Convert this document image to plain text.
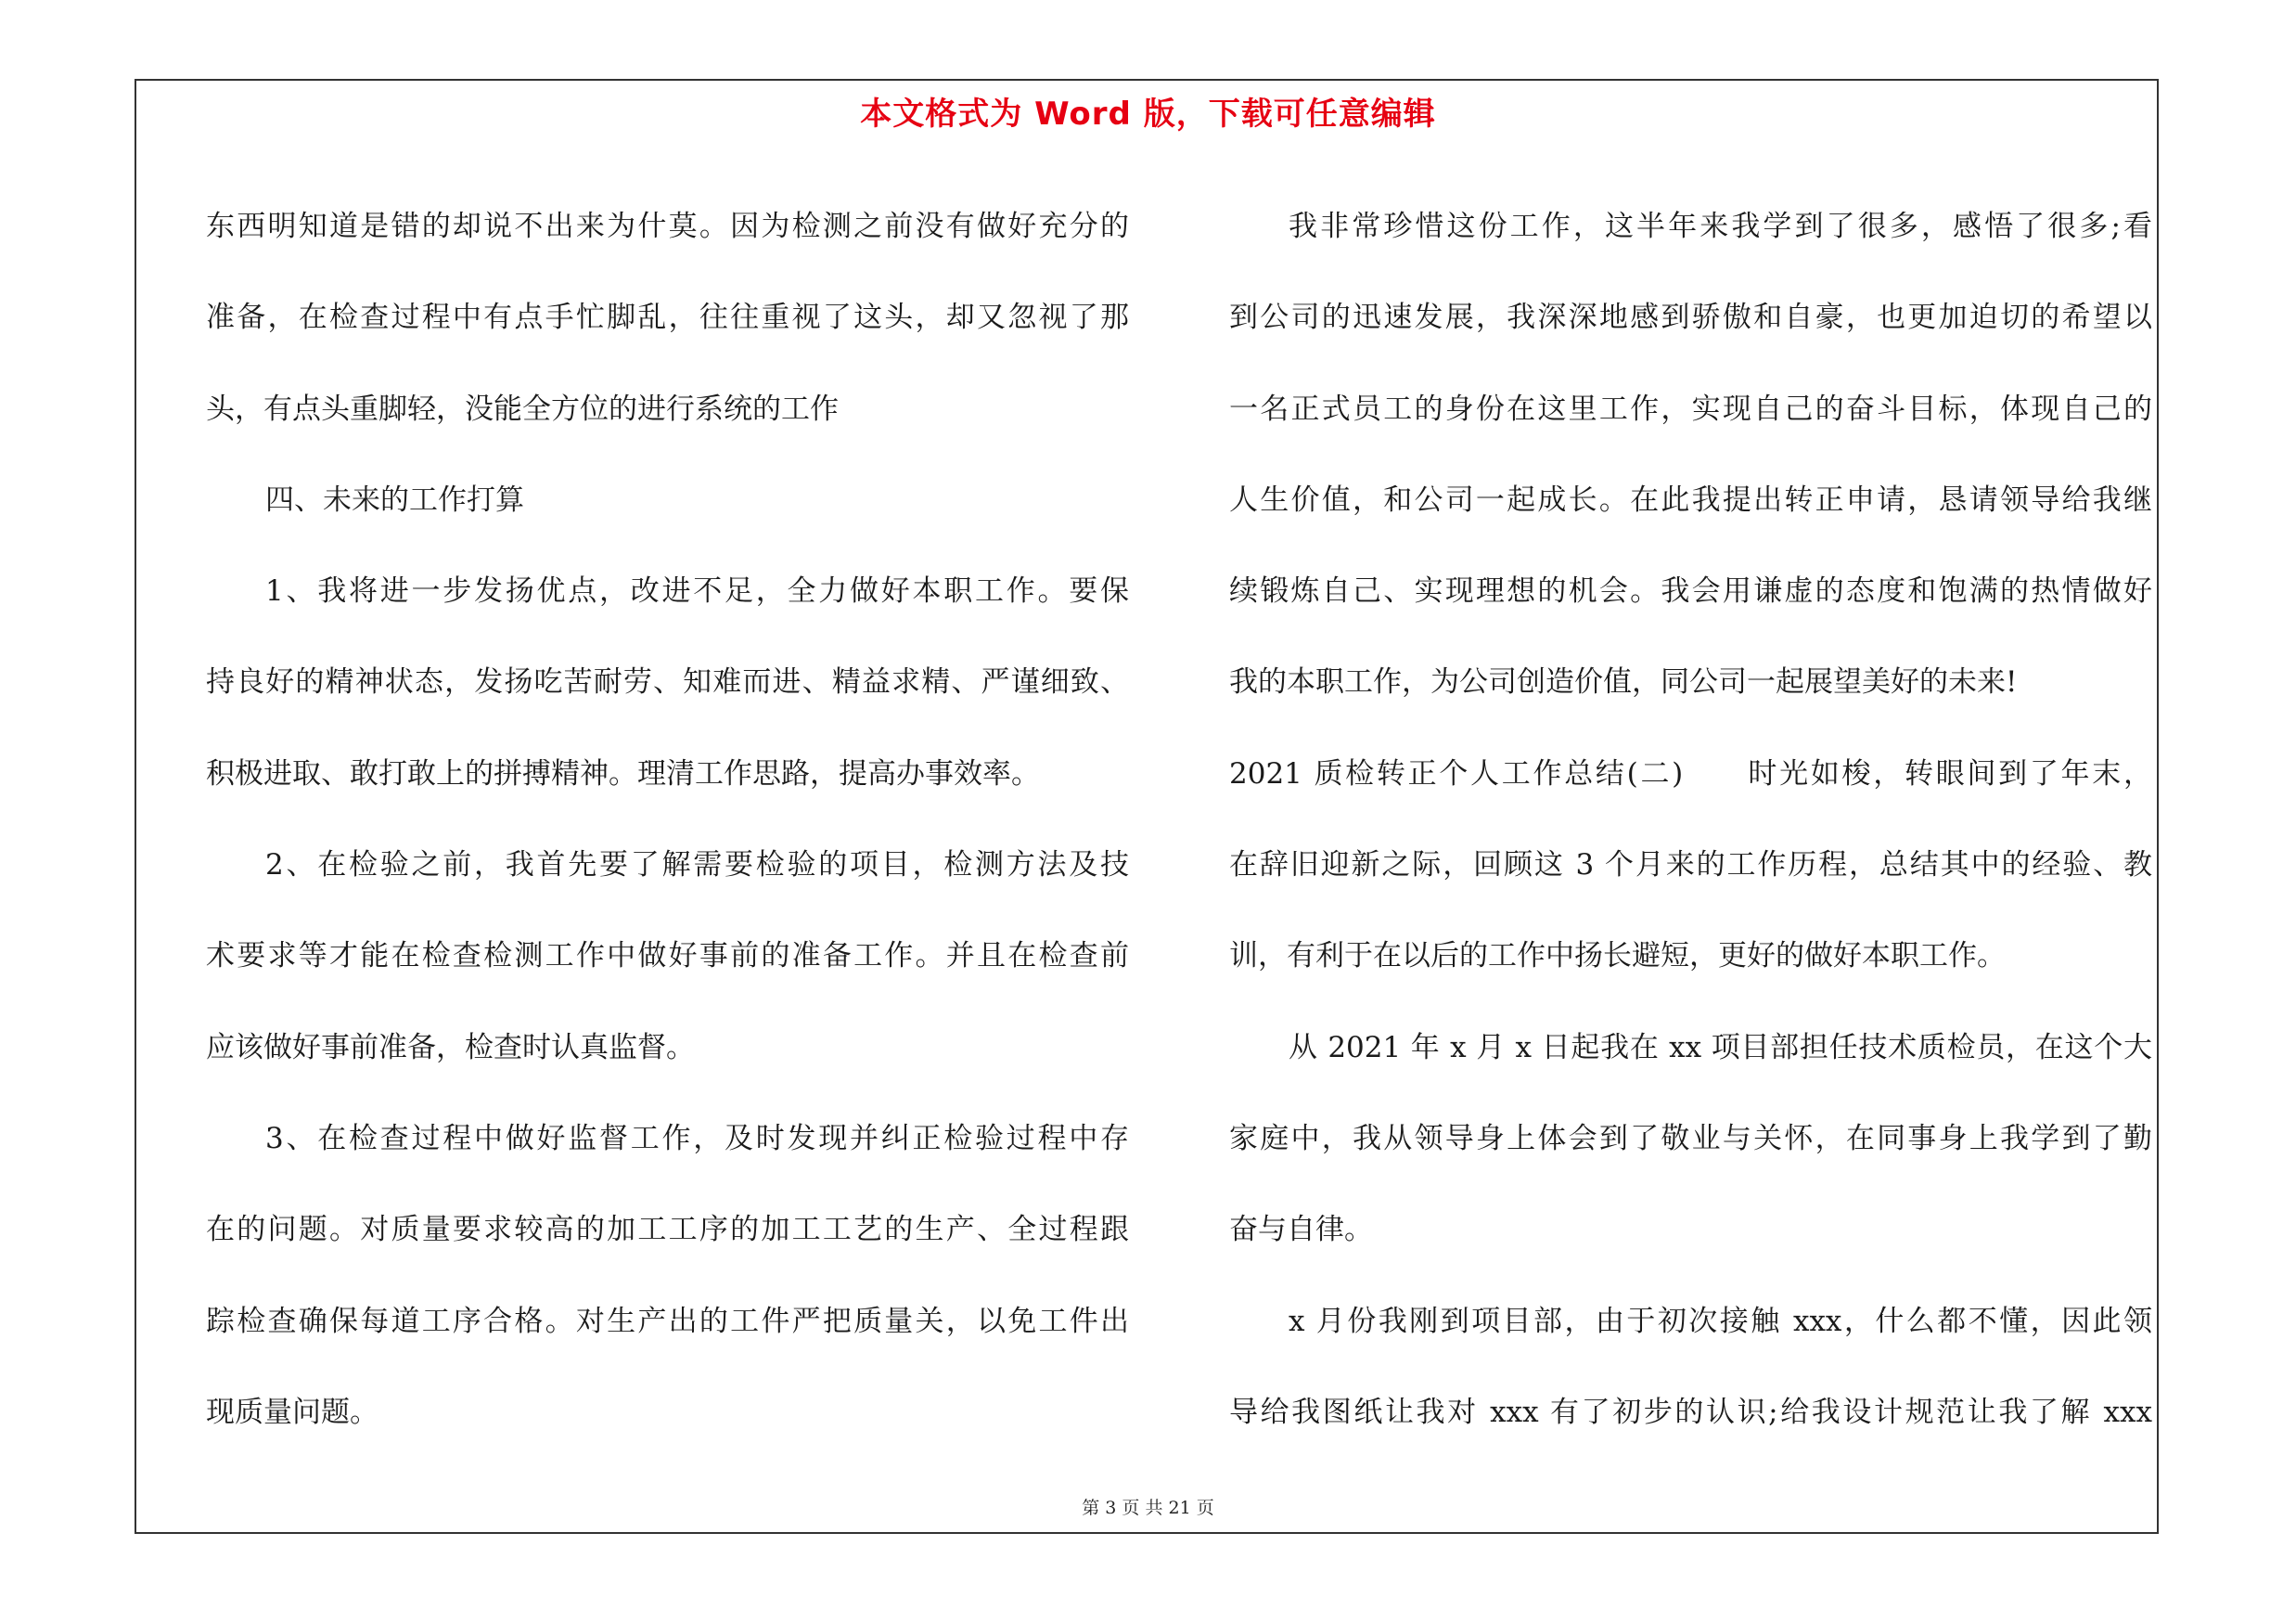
本文格式为 Word 版，下载可任意编辑
东西明知道是错的却说不出来为什莫。因为检测之前没有做好充分的
准备，在检查过程中有点手忙脚乱，往往重视了这头，却又忽视了那
头，有点头重脚轻，没能全方位的进行系统的工作
四、未来的工作打算
1、我将进一步发扬优点，改进不足，全力做好本职工作。要保
持良好的精神状态，发扬吃苦耐劳、知难而进、精益求精、严谨细致、
积极进取、敢打敢上的拼搏精神。理清工作思路，提高办事效率。
2、在检验之前，我首先要了解需要检验的项目，检测方法及技
术要求等才能在检查检测工作中做好事前的准备工作。并且在检查前
应该做好事前准备，检查时认真监督。
3、在检查过程中做好监督工作，及时发现并纠正检验过程中存
在的问题。对质量要求较高的加工工序的加工工艺的生产、全过程跟
踪检查确保每道工序合格。对生产出的工件严把质量关，以免工件出
现质量问题。
我非常珍惜这份工作，这半年来我学到了很多，感悟了很多;看
到公司的迅速发展，我深深地感到骄傲和自豪，也更加迫切的希望以
一名正式员工的身份在这里工作，实现自己的奋斗目标，体现自己的
人生价值，和公司一起成长。在此我提出转正申请，恳请领导给我继
续锻炼自己、实现理想的机会。我会用谦虚的态度和饱满的热情做好
我的本职工作，为公司创造价值，同公司一起展望美好的未来!
2021 质检转正个人工作总结(二)　　时光如梭，转眼间到了年末，
在辞旧迎新之际，回顾这 3 个月来的工作历程，总结其中的经验、教
训，有利于在以后的工作中扬长避短，更好的做好本职工作。
从 2021 年 x 月 x 日起我在 xx 项目部担任技术质检员，在这个大
家庭中，我从领导身上体会到了敬业与关怀，在同事身上我学到了勤
奋与自律。
x 月份我刚到项目部，由于初次接触 xxx，什么都不懂，因此领
导给我图纸让我对 xxx 有了初步的认识;给我设计规范让我了解 xxx
第 3 页 共 21 页
